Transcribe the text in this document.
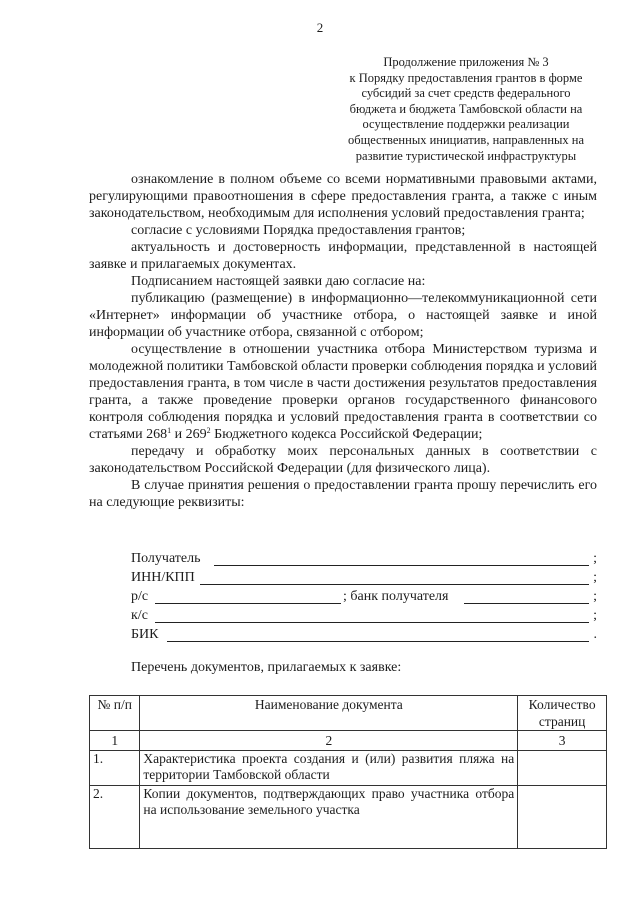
2
Продолжение приложения № 3
к Порядку предоставления грантов в форме
субсидий за счет средств федерального
бюджета и бюджета Тамбовской области на
осуществление поддержки реализации
общественных инициатив, направленных на
развитие туристической инфраструктуры

ознакомление в полном объеме со всеми нормативными правовыми актами, регулирующими правоотношения в сфере предоставления гранта, а также с иным законодательством, необходимым для исполнения условий предоставления гранта;

согласие с условиями Порядка предоставления грантов;

актуальность и достоверность информации, представленной в настоящей заявке и прилагаемых документах.

Подписанием настоящей заявки даю согласие на:

публикацию (размещение) в информационно—телекоммуникационной сети «Интернет» информации об участнике отбора, о настоящей заявке и иной информации об участнике отбора, связанной с отбором;

осуществление в отношении участника отбора Министерством туризма и молодежной политики Тамбовской области проверки соблюдения порядка и условий предоставления гранта, в том числе в части достижения результатов предоставления гранта, а также проведение проверки органов государственного финансового контроля соблюдения порядка и условий предоставления гранта в соответствии со статьями $268^1$ и $269^2$ Бюджетного кодекса Российской Федерации;

передачу и обработку моих персональных данных в соответствии с законодательством Российской Федерации (для физического лица).

В случае принятия решения о предоставлении гранта прошу перечислить его на следующие реквизиты:

Получатель	;
ИНН/КПП	;
р/с	; банк получателя	;
к/с	;
БИК	.
Перечень документов, прилагаемых к заявке:
№ п/п	Наименование документа	Количество страниц
1	2	3
1.	Характеристика проекта создания и (или) развития пляжа на территории Тамбовской области	
2.	Копии документов, подтверждающих право участника отбора на использование земельного участка	
